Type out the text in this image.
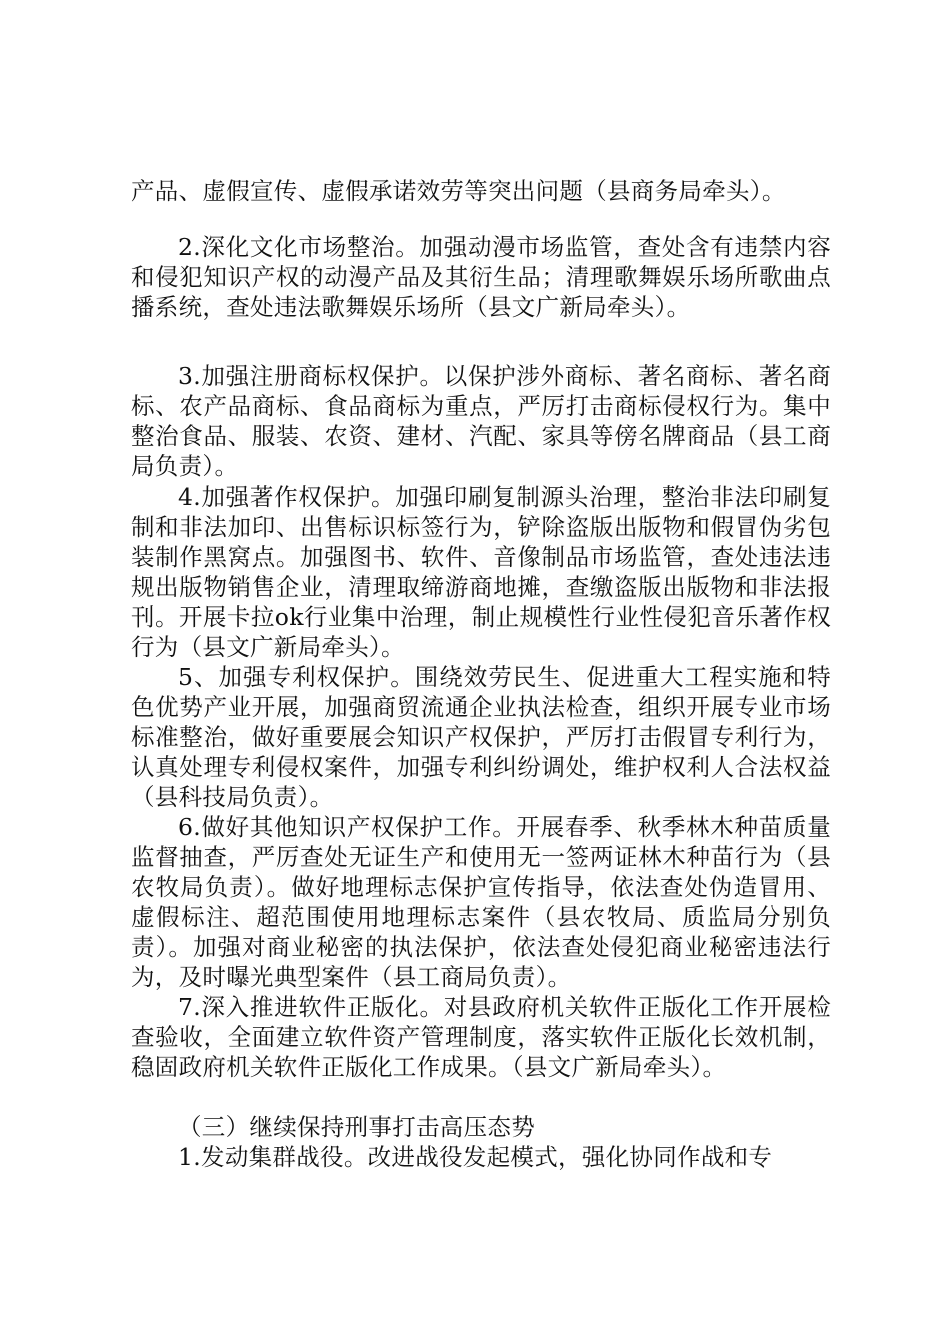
产品、虚假宣传、虚假承诺效劳等突出问题（县商务局牵头）。

2.深化文化市场整治。加强动漫市场监管，查处含有违禁内容和侵犯知识产权的动漫产品及其衍生品；清理歌舞娱乐场所歌曲点播系统，查处违法歌舞娱乐场所（县文广新局牵头）。

3.加强注册商标权保护。以保护涉外商标、著名商标、著名商标、农产品商标、食品商标为重点，严厉打击商标侵权行为。集中整治食品、服装、农资、建材、汽配、家具等傍名牌商品（县工商局负责）。

4.加强著作权保护。加强印刷复制源头治理，整治非法印刷复制和非法加印、出售标识标签行为，铲除盗版出版物和假冒伪劣包装制作黑窝点。加强图书、软件、音像制品市场监管，查处违法违规出版物销售企业，清理取缔游商地摊，查缴盗版出版物和非法报刊。开展卡拉ok行业集中治理，制止规模性行业性侵犯音乐著作权行为（县文广新局牵头）。

5、加强专利权保护。围绕效劳民生、促进重大工程实施和特色优势产业开展，加强商贸流通企业执法检查，组织开展专业市场标准整治，做好重要展会知识产权保护，严厉打击假冒专利行为，认真处理专利侵权案件，加强专利纠纷调处，维护权利人合法权益（县科技局负责）。

6.做好其他知识产权保护工作。开展春季、秋季林木种苗质量监督抽查，严厉查处无证生产和使用无一签两证林木种苗行为（县农牧局负责）。做好地理标志保护宣传指导，依法查处伪造冒用、虚假标注、超范围使用地理标志案件（县农牧局、质监局分别负责）。加强对商业秘密的执法保护，依法查处侵犯商业秘密违法行为，及时曝光典型案件（县工商局负责）。

7.深入推进软件正版化。对县政府机关软件正版化工作开展检查验收，全面建立软件资产管理制度，落实软件正版化长效机制，稳固政府机关软件正版化工作成果。（县文广新局牵头）。

（三）继续保持刑事打击高压态势

1.发动集群战役。改进战役发起模式，强化协同作战和专
